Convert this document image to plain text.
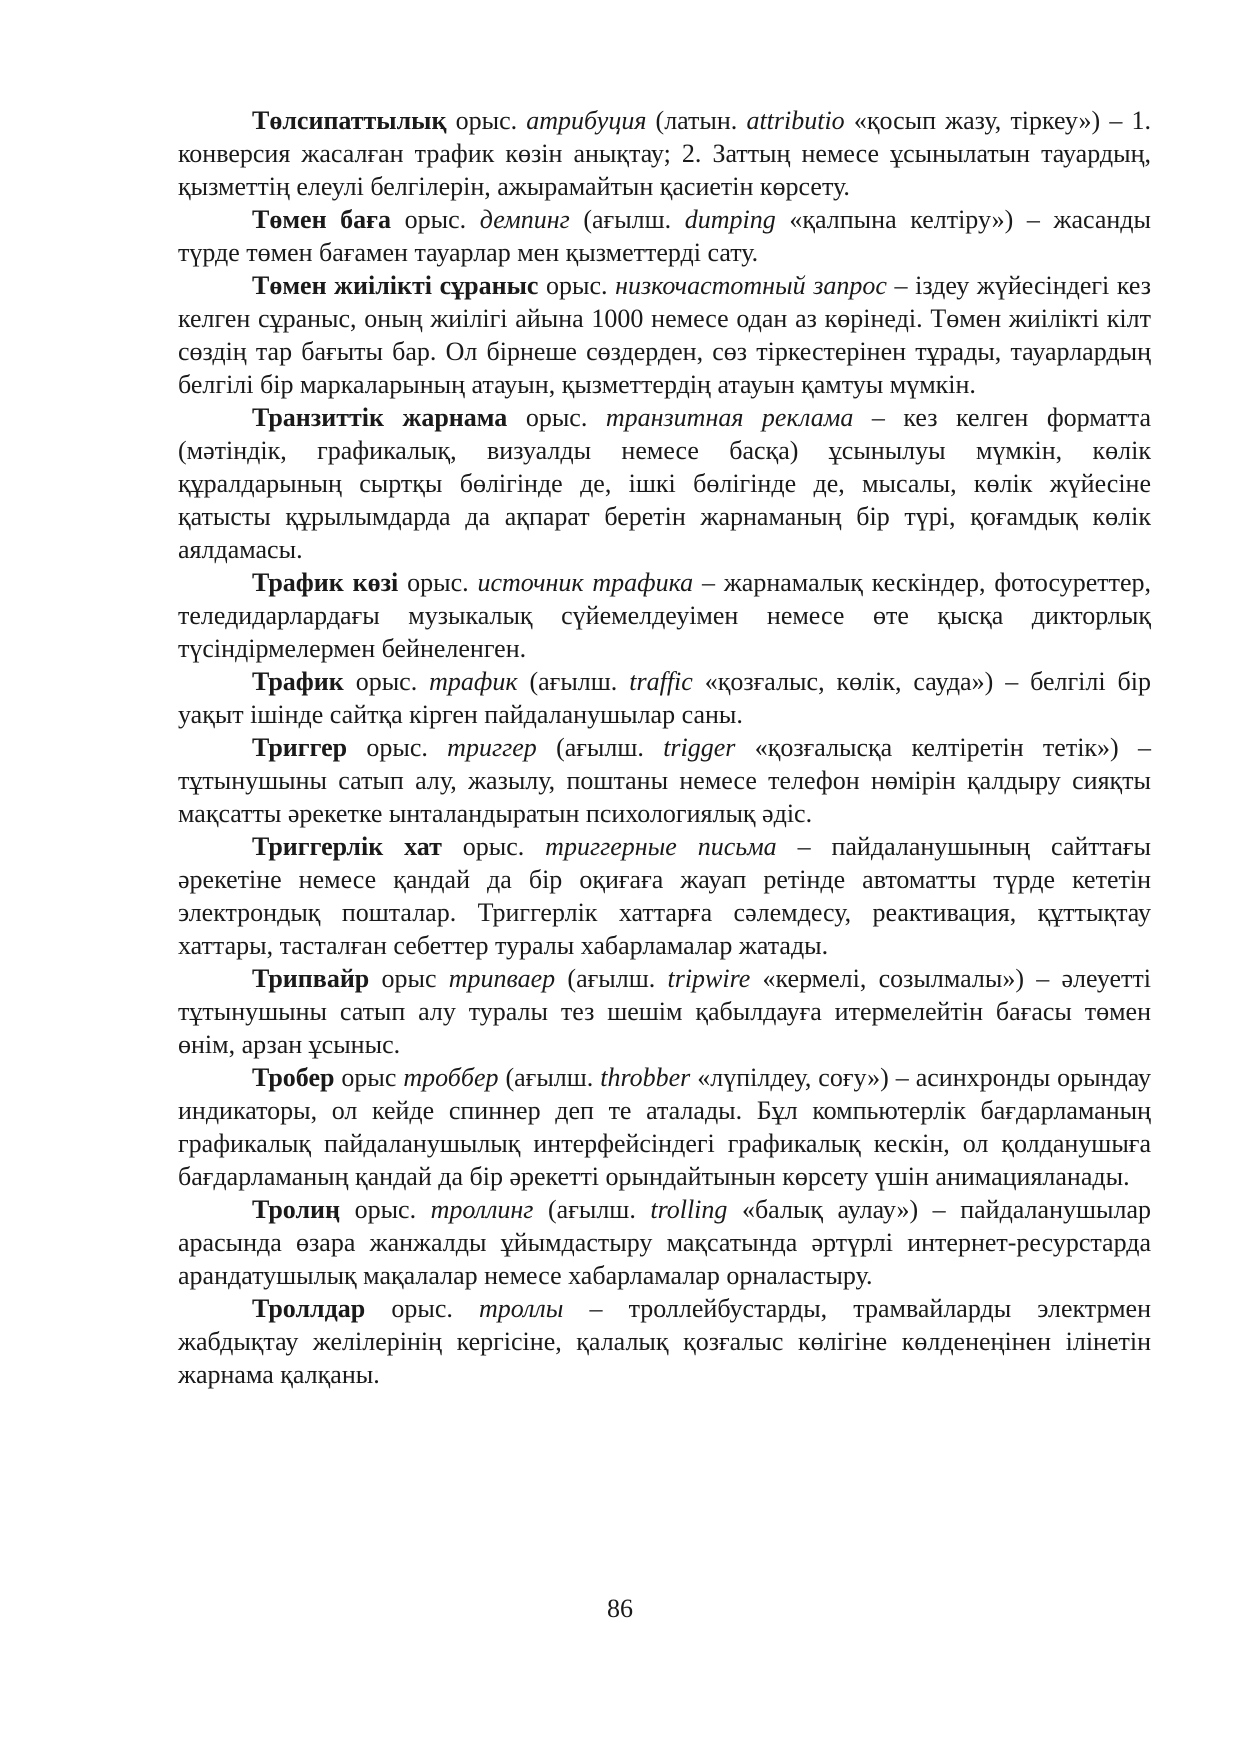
Төлсипаттылық орыс. атрибуция (латын. attributio «қосып жазу, тіркеу») – 1. конверсия жасалған трафик көзін анықтау; 2. Заттың немесе ұсынылатын тауардың, қызметтің елеулі белгілерін, ажырамайтын қасиетін көрсету.

Төмен баға орыс. демпинг (ағылш. dumping «қалпына келтіру») – жасанды түрде төмен бағамен тауарлар мен қызметтерді сату.

Төмен жиілікті сұраныс орыс. низкочастотный запрос – іздеу жүйесіндегі кез келген сұраныс, оның жиілігі айына 1000 немесе одан аз көрінеді. Төмен жиілікті кілт сөздің тар бағыты бар. Ол бірнеше сөздерден, сөз тіркестерінен тұрады, тауарлардың белгілі бір маркаларының атауын, қызметтердің атауын қамтуы мүмкін.

Транзиттік жарнама орыс. транзитная реклама – кез келген форматта (мәтіндік, графикалық, визуалды немесе басқа) ұсынылуы мүмкін, көлік құралдарының сыртқы бөлігінде де, ішкі бөлігінде де, мысалы, көлік жүйесіне қатысты құрылымдарда да ақпарат беретін жарнаманың бір түрі, қоғамдық көлік аялдамасы.

Трафик көзі орыс. источник трафика – жарнамалық кескіндер, фотосуреттер, теледидарлардағы музыкалық сүйемелдеуімен немесе өте қысқа дикторлық түсіндірмелермен бейнеленген.

Трафик орыс. трафик (ағылш. traffic «қозғалыс, көлік, сауда») – белгілі бір уақыт ішінде сайтқа кірген пайдаланушылар саны.

Триггер орыс. триггер (ағылш. trigger «қозғалысқа келтіретін тетік») – тұтынушыны сатып алу, жазылу, поштаны немесе телефон нөмірін қалдыру сияқты мақсатты әрекетке ынталандыратын психологиялық әдіс.

Триггерлік хат орыс. триггерные письма – пайдаланушының сайттағы әрекетіне немесе қандай да бір оқиғаға жауап ретінде автоматты түрде кететін электрондық пошталар. Триггерлік хаттарға сәлемдесу, реактивация, құттықтау хаттары, тасталған себеттер туралы хабарламалар жатады.

Трипвайр орыс трипваер (ағылш. tripwire «кермелі, созылмалы») – әлеуетті тұтынушыны сатып алу туралы тез шешім қабылдауға итермелейтін бағасы төмен өнім, арзан ұсыныс.

Тробер орыс троббер (ағылш. throbber «лүпілдеу, соғу») – асинхронды орындау индикаторы, ол кейде спиннер деп те аталады. Бұл компьютерлік бағдарламаның графикалық пайдаланушылық интерфейсіндегі графикалық кескін, ол қолданушыға бағдарламаның қандай да бір әрекетті орындайтынын көрсету үшін анимацияланады.

Тролиң орыс. троллинг (ағылш. trolling «балық аулау») – пайдаланушылар арасында өзара жанжалды ұйымдастыру мақсатында әртүрлі интернет-ресурстарда арандатушылық мақалалар немесе хабарламалар орналастыру.

Троллдар орыс. троллы – троллейбустарды, трамвайларды электрмен жабдықтау желілерінің кергісіне, қалалық қозғалыс көлігіне көлденеңінен ілінетін жарнама қалқаны.

86
